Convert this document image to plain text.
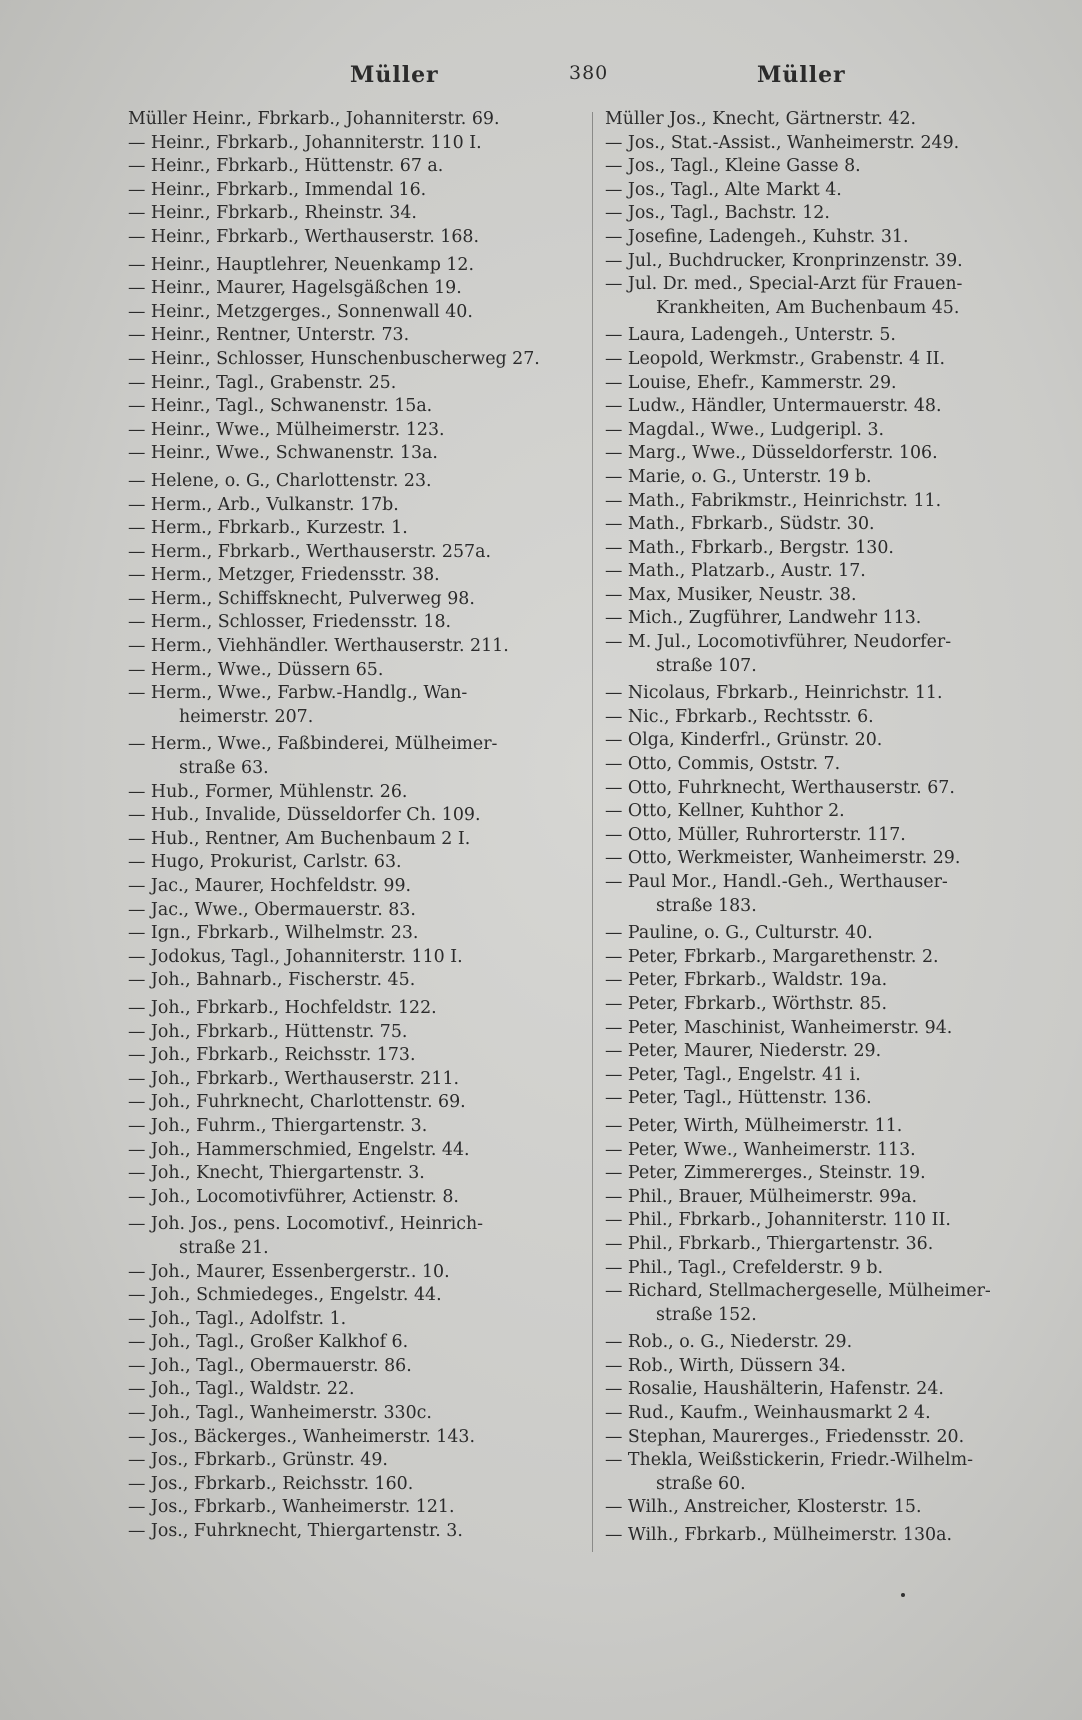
Müller	380	Müller
Müller Heinr., Fbrkarb., Johanniterstr. 69.
— Heinr., Fbrkarb., Johanniterstr. 110 I.
— Heinr., Fbrkarb., Hüttenstr. 67 a.
— Heinr., Fbrkarb., Immendal 16.
— Heinr., Fbrkarb., Rheinstr. 34.
— Heinr., Fbrkarb., Werthauserstr. 168.
— Heinr., Hauptlehrer, Neuenkamp 12.
— Heinr., Maurer, Hagelsgäßchen 19.
— Heinr., Metzgerges., Sonnenwall 40.
— Heinr., Rentner, Unterstr. 73.
— Heinr., Schlosser, Hunschenbuscherweg 27.
— Heinr., Tagl., Grabenstr. 25.
— Heinr., Tagl., Schwanenstr. 15a.
— Heinr., Wwe., Mülheimerstr. 123.
— Heinr., Wwe., Schwanenstr. 13a.
— Helene, o. G., Charlottenstr. 23.
— Herm., Arb., Vulkanstr. 17b.
— Herm., Fbrkarb., Kurzestr. 1.
— Herm., Fbrkarb., Werthauserstr. 257a.
— Herm., Metzger, Friedensstr. 38.
— Herm., Schiffsknecht, Pulverweg 98.
— Herm., Schlosser, Friedensstr. 18.
— Herm., Viehhändler. Werthauserstr. 211.
— Herm., Wwe., Düssern 65.
— Herm., Wwe., Farbw.-Handlg., Wan-
heimerstr. 207.
— Herm., Wwe., Faßbinderei, Mülheimer-
straße 63.
— Hub., Former, Mühlenstr. 26.
— Hub., Invalide, Düsseldorfer Ch. 109.
— Hub., Rentner, Am Buchenbaum 2 I.
— Hugo, Prokurist, Carlstr. 63.
— Jac., Maurer, Hochfeldstr. 99.
— Jac., Wwe., Obermauerstr. 83.
— Ign., Fbrkarb., Wilhelmstr. 23.
— Jodokus, Tagl., Johanniterstr. 110 I.
— Joh., Bahnarb., Fischerstr. 45.
— Joh., Fbrkarb., Hochfeldstr. 122.
— Joh., Fbrkarb., Hüttenstr. 75.
— Joh., Fbrkarb., Reichsstr. 173.
— Joh., Fbrkarb., Werthauserstr. 211.
— Joh., Fuhrknecht, Charlottenstr. 69.
— Joh., Fuhrm., Thiergartenstr. 3.
— Joh., Hammerschmied, Engelstr. 44.
— Joh., Knecht, Thiergartenstr. 3.
— Joh., Locomotivführer, Actienstr. 8.
— Joh. Jos., pens. Locomotivf., Heinrich-
straße 21.
— Joh., Maurer, Essenbergerstr.. 10.
— Joh., Schmiedeges., Engelstr. 44.
— Joh., Tagl., Adolfstr. 1.
— Joh., Tagl., Großer Kalkhof 6.
— Joh., Tagl., Obermauerstr. 86.
— Joh., Tagl., Waldstr. 22.
— Joh., Tagl., Wanheimerstr. 330c.
— Jos., Bäckerges., Wanheimerstr. 143.
— Jos., Fbrkarb., Grünstr. 49.
— Jos., Fbrkarb., Reichsstr. 160.
— Jos., Fbrkarb., Wanheimerstr. 121.
— Jos., Fuhrknecht, Thiergartenstr. 3.
Müller Jos., Knecht, Gärtnerstr. 42.
— Jos., Stat.-Assist., Wanheimerstr. 249.
— Jos., Tagl., Kleine Gasse 8.
— Jos., Tagl., Alte Markt 4.
— Jos., Tagl., Bachstr. 12.
— Josefine, Ladengeh., Kuhstr. 31.
— Jul., Buchdrucker, Kronprinzenstr. 39.
— Jul. Dr. med., Special-Arzt für Frauen-
Krankheiten, Am Buchenbaum 45.
— Laura, Ladengeh., Unterstr. 5.
— Leopold, Werkmstr., Grabenstr. 4 II.
— Louise, Ehefr., Kammerstr. 29.
— Ludw., Händler, Untermauerstr. 48.
— Magdal., Wwe., Ludgeripl. 3.
— Marg., Wwe., Düsseldorferstr. 106.
— Marie, o. G., Unterstr. 19 b.
— Math., Fabrikmstr., Heinrichstr. 11.
— Math., Fbrkarb., Südstr. 30.
— Math., Fbrkarb., Bergstr. 130.
— Math., Platzarb., Austr. 17.
— Max, Musiker, Neustr. 38.
— Mich., Zugführer, Landwehr 113.
— M. Jul., Locomotivführer, Neudorfer-
straße 107.
— Nicolaus, Fbrkarb., Heinrichstr. 11.
— Nic., Fbrkarb., Rechtsstr. 6.
— Olga, Kinderfrl., Grünstr. 20.
— Otto, Commis, Oststr. 7.
— Otto, Fuhrknecht, Werthauserstr. 67.
— Otto, Kellner, Kuhthor 2.
— Otto, Müller, Ruhrorterstr. 117.
— Otto, Werkmeister, Wanheimerstr. 29.
— Paul Mor., Handl.-Geh., Werthauser-
straße 183.
— Pauline, o. G., Culturstr. 40.
— Peter, Fbrkarb., Margarethenstr. 2.
— Peter, Fbrkarb., Waldstr. 19a.
— Peter, Fbrkarb., Wörthstr. 85.
— Peter, Maschinist, Wanheimerstr. 94.
— Peter, Maurer, Niederstr. 29.
— Peter, Tagl., Engelstr. 41 i.
— Peter, Tagl., Hüttenstr. 136.
— Peter, Wirth, Mülheimerstr. 11.
— Peter, Wwe., Wanheimerstr. 113.
— Peter, Zimmererges., Steinstr. 19.
— Phil., Brauer, Mülheimerstr. 99a.
— Phil., Fbrkarb., Johanniterstr. 110 II.
— Phil., Fbrkarb., Thiergartenstr. 36.
— Phil., Tagl., Crefelderstr. 9 b.
— Richard, Stellmachergeselle, Mülheimer-
straße 152.
— Rob., o. G., Niederstr. 29.
— Rob., Wirth, Düssern 34.
— Rosalie, Haushälterin, Hafenstr. 24.
— Rud., Kaufm., Weinhausmarkt 2 4.
— Stephan, Maurerges., Friedensstr. 20.
— Thekla, Weißstickerin, Friedr.-Wilhelm-
straße 60.
— Wilh., Anstreicher, Klosterstr. 15.
— Wilh., Fbrkarb., Mülheimerstr. 130a.
